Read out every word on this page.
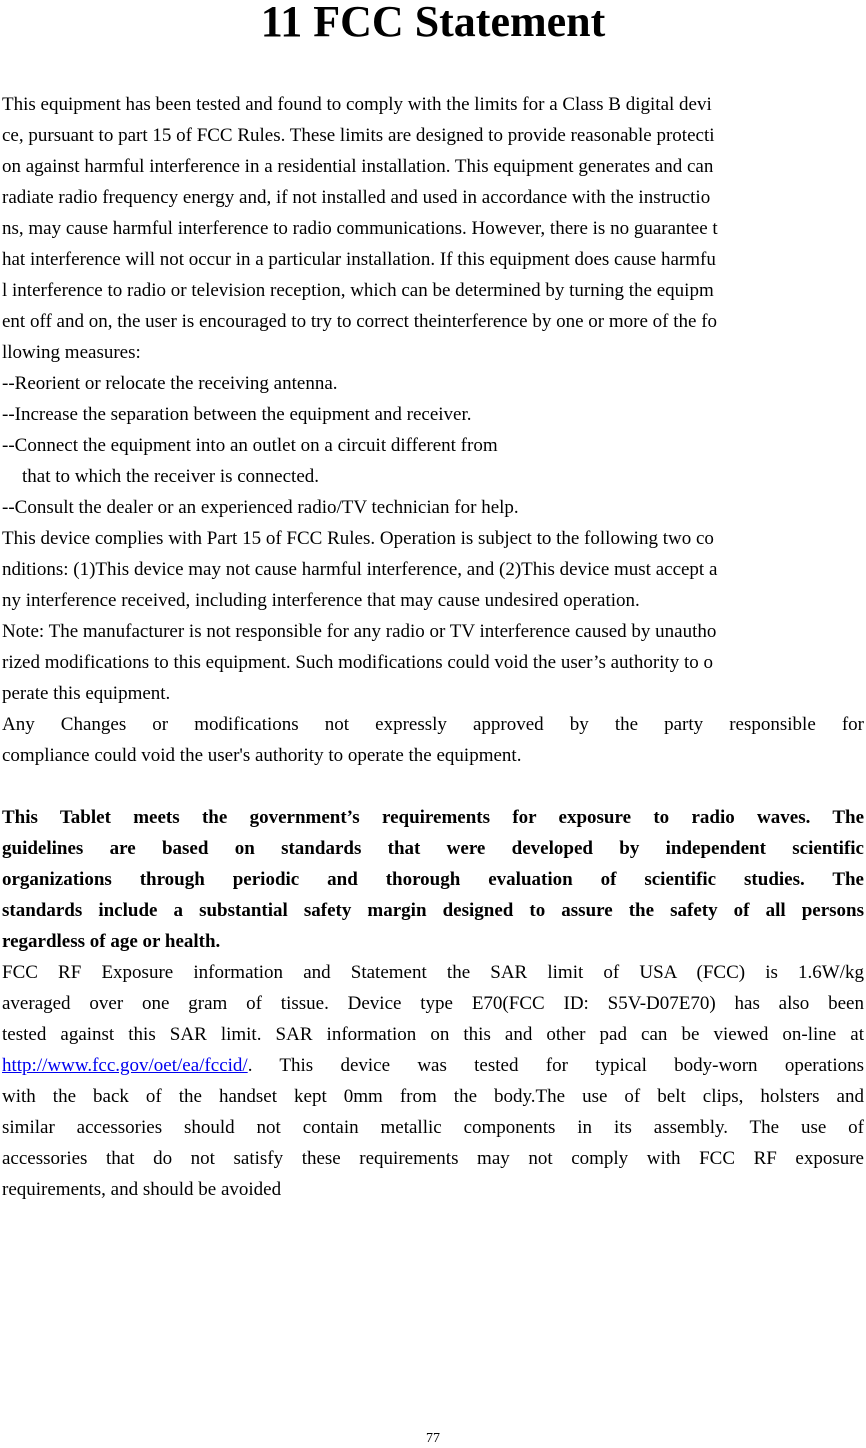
11 FCC Statement
This equipment has been tested and found to comply with the limits for a Class B digital devi
ce, pursuant to part 15 of FCC Rules. These limits are designed to provide reasonable protecti
on against harmful interference in a residential installation. This equipment generates and can
radiate radio frequency energy and, if not installed and used in accordance with the instructio
ns, may cause harmful interference to radio communications. However, there is no guarantee t
hat interference will not occur in a particular installation. If this equipment does cause harmfu
l interference to radio or television reception, which can be determined by turning the equipm
ent off and on, the user is encouraged to try to correct theinterference by one or more of the fo
llowing measures:
--Reorient or relocate the receiving antenna.
--Increase the separation between the equipment and receiver.
--Connect the equipment into an outlet on a circuit different from
that to which the receiver is connected.
--Consult the dealer or an experienced radio/TV technician for help.
This device complies with Part 15 of FCC Rules. Operation is subject to the following two co
nditions: (1)This device may not cause harmful interference, and (2)This device must accept a
ny interference received, including interference that may cause undesired operation.
Note: The manufacturer is not responsible for any radio or TV interference caused by unautho
rized modifications to this equipment. Such modifications could void the user’s authority to o
perate this equipment.
Any Changes or modifications not expressly approved by the party responsible for
compliance could void the user's authority to operate the equipment.
This Tablet meets the government’s requirements for exposure to radio waves. The
guidelines are based on standards that were developed by independent scientific
organizations through periodic and thorough evaluation of scientific studies. The
standards include a substantial safety margin designed to assure the safety of all persons
regardless of age or health.
FCC RF Exposure information and Statement the SAR limit of USA (FCC) is 1.6W/kg
averaged over one gram of tissue. Device type E70(FCC ID: S5V-D07E70) has also been
tested against this SAR limit. SAR information on this and other pad can be viewed on-line at
http://www.fcc.gov/oet/ea/fccid/. This device was tested for typical body-worn operations
with the back of the handset kept 0mm from the body.The use of belt clips, holsters and
similar accessories should not contain metallic components in its assembly. The use of
accessories that do not satisfy these requirements may not comply with FCC RF exposure
requirements, and should be avoided
77
